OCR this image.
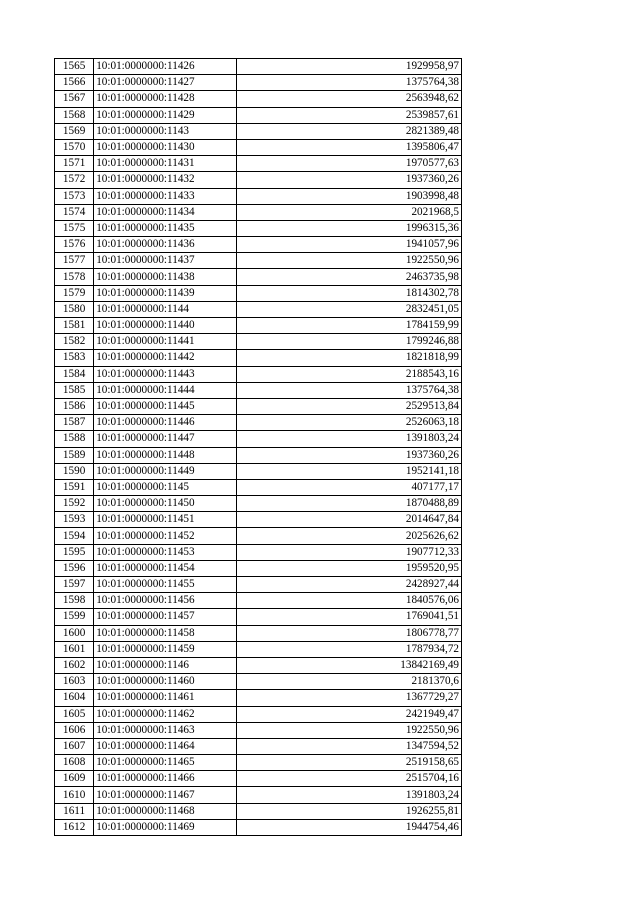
1565	10:01:0000000:11426	1929958,97
1566	10:01:0000000:11427	1375764,38
1567	10:01:0000000:11428	2563948,62
1568	10:01:0000000:11429	2539857,61
1569	10:01:0000000:1143	2821389,48
1570	10:01:0000000:11430	1395806,47
1571	10:01:0000000:11431	1970577,63
1572	10:01:0000000:11432	1937360,26
1573	10:01:0000000:11433	1903998,48
1574	10:01:0000000:11434	2021968,5
1575	10:01:0000000:11435	1996315,36
1576	10:01:0000000:11436	1941057,96
1577	10:01:0000000:11437	1922550,96
1578	10:01:0000000:11438	2463735,98
1579	10:01:0000000:11439	1814302,78
1580	10:01:0000000:1144	2832451,05
1581	10:01:0000000:11440	1784159,99
1582	10:01:0000000:11441	1799246,88
1583	10:01:0000000:11442	1821818,99
1584	10:01:0000000:11443	2188543,16
1585	10:01:0000000:11444	1375764,38
1586	10:01:0000000:11445	2529513,84
1587	10:01:0000000:11446	2526063,18
1588	10:01:0000000:11447	1391803,24
1589	10:01:0000000:11448	1937360,26
1590	10:01:0000000:11449	1952141,18
1591	10:01:0000000:1145	407177,17
1592	10:01:0000000:11450	1870488,89
1593	10:01:0000000:11451	2014647,84
1594	10:01:0000000:11452	2025626,62
1595	10:01:0000000:11453	1907712,33
1596	10:01:0000000:11454	1959520,95
1597	10:01:0000000:11455	2428927,44
1598	10:01:0000000:11456	1840576,06
1599	10:01:0000000:11457	1769041,51
1600	10:01:0000000:11458	1806778,77
1601	10:01:0000000:11459	1787934,72
1602	10:01:0000000:1146	13842169,49
1603	10:01:0000000:11460	2181370,6
1604	10:01:0000000:11461	1367729,27
1605	10:01:0000000:11462	2421949,47
1606	10:01:0000000:11463	1922550,96
1607	10:01:0000000:11464	1347594,52
1608	10:01:0000000:11465	2519158,65
1609	10:01:0000000:11466	2515704,16
1610	10:01:0000000:11467	1391803,24
1611	10:01:0000000:11468	1926255,81
1612	10:01:0000000:11469	1944754,46
